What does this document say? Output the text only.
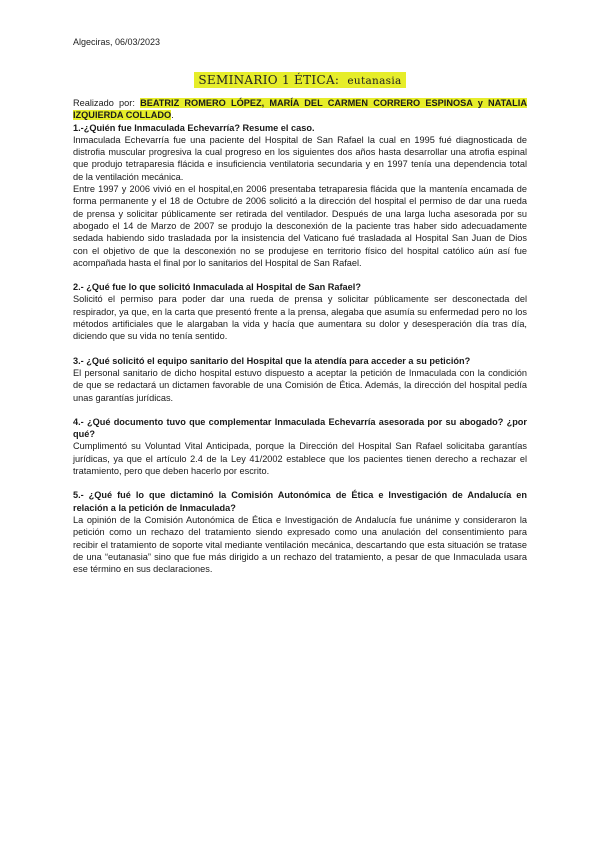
Algeciras, 06/03/2023
SEMINARIO 1 ÉTICA: eutanasia

Realizado por: BEATRIZ ROMERO LÓPEZ, MARÍA DEL CARMEN CORRERO ESPINOSA y NATALIA IZQUIERDA COLLADO.

1.-¿Quién fue Inmaculada Echevarría? Resume el caso.

Inmaculada Echevarría fue una paciente del Hospital de San Rafael la cual en 1995 fué diagnosticada de distrofia muscular progresiva la cual progreso en los siguientes dos años hasta desarrollar una atrofia espinal que produjo tetraparesia flácida e insuficiencia ventilatoria secundaria y en 1997 tenía una dependencia total de la ventilación mecánica.

Entre 1997 y 2006 vivió en el hospital,en 2006 presentaba tetraparesia flácida que la mantenía encamada de forma permanente y el 18 de Octubre de 2006 solicitó a la dirección del hospital el permiso de dar una rueda de prensa y solicitar públicamente ser retirada del ventilador. Después de una larga lucha asesorada por su abogado el 14 de Marzo de 2007 se produjo la desconexión de la paciente tras haber sido adecuadamente sedada habiendo sido trasladada por la insistencia del Vaticano fué trasladada al Hospital San Juan de Dios con el objetivo de que la desconexión no se produjese en territorio físico del hospital católico aún así fue acompañada hasta el final por lo sanitarios del Hospital de San Rafael.

2.- ¿Qué fue lo que solicitó Inmaculada al Hospital de San Rafael?

Solicitó el permiso para poder dar una rueda de prensa y solicitar públicamente ser desconectada del respirador, ya que, en la carta que presentó frente a la prensa, alegaba que asumía su enfermedad pero no los métodos artificiales que le alargaban la vida y hacía que aumentara su dolor y desesperación día tras día, diciendo que su vida no tenía sentido.

3.- ¿Qué solicitó el equipo sanitario del Hospital que la atendía para acceder a su petición?

El personal sanitario de dicho hospital estuvo dispuesto a aceptar la petición de Inmaculada con la condición de que se redactará un dictamen favorable de una Comisión de Ética. Además, la dirección del hospital pedía unas garantías jurídicas.

4.- ¿Qué documento tuvo que complementar Inmaculada Echevarría asesorada por su abogado? ¿por qué?

Cumplimentó su Voluntad Vital Anticipada, porque la Dirección del Hospital San Rafael solicitaba garantías jurídicas, ya que el artículo 2.4 de la Ley 41/2002 establece que los pacientes tienen derecho a rechazar el tratamiento, pero que deben hacerlo por escrito.

5.- ¿Qué fué lo que dictaminó la Comisión Autonómica de Ética e Investigación de Andalucía en relación a la petición de Inmaculada?

La opinión de la Comisión Autonómica de Ética e Investigación de Andalucía fue unánime y consideraron la petición como un rechazo del tratamiento siendo expresado como una anulación del consentimiento para recibir el tratamiento de soporte vital mediante ventilación mecánica, descartando que esta situación se tratase de una “eutanasia” sino que fue más dirigido a un rechazo del tratamiento, a pesar de que Inmaculada usara ese término en sus declaraciones.
